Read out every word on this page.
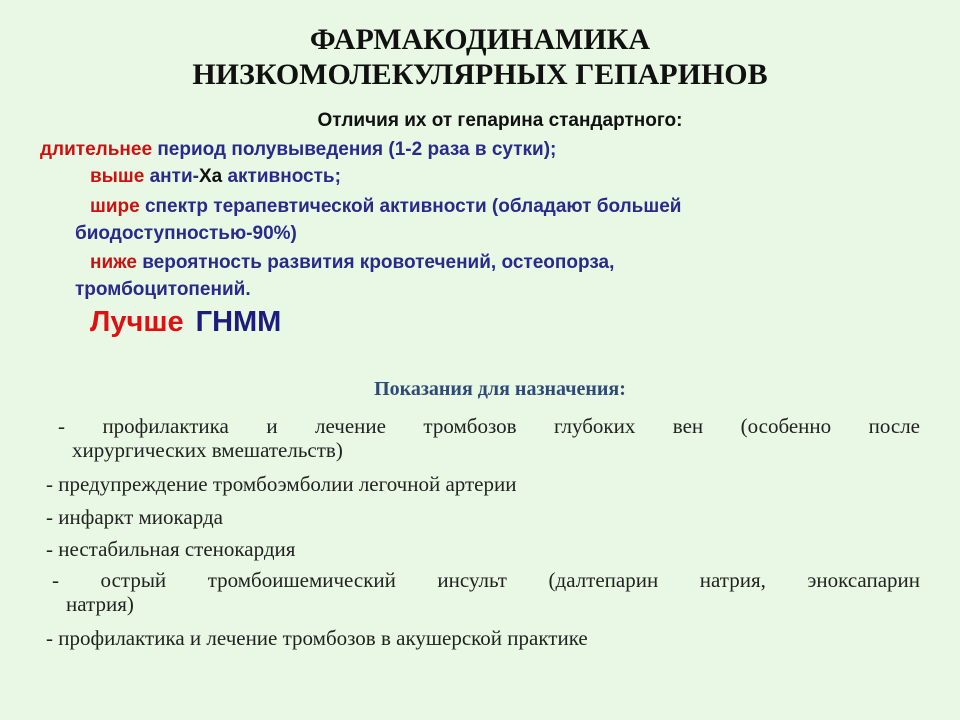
ФАРМАКОДИНАМИКА
НИЗКОМОЛЕКУЛЯРНЫХ ГЕПАРИНОВ
Отличия их от гепарина стандартного:
длительнее период полувыведения (1-2 раза в сутки);
выше анти-Ха активность;
шире спектр терапевтической активности (обладают большей
биодоступностью-90%)
ниже вероятность развития кровотечений, остеопорза,
тромбоцитопений.
Лучше ГНММ
Показания для назначения:
- профилактика и лечение тромбозов глубоких вен (особенно после
хирургических вмешательств)
- предупреждение тромбоэмболии легочной артерии
- инфаркт миокарда
- нестабильная стенокардия
- острый тромбоишемический инсульт (далтепарин натрия, эноксапарин
натрия)
- профилактика и лечение тромбозов в акушерской практике
